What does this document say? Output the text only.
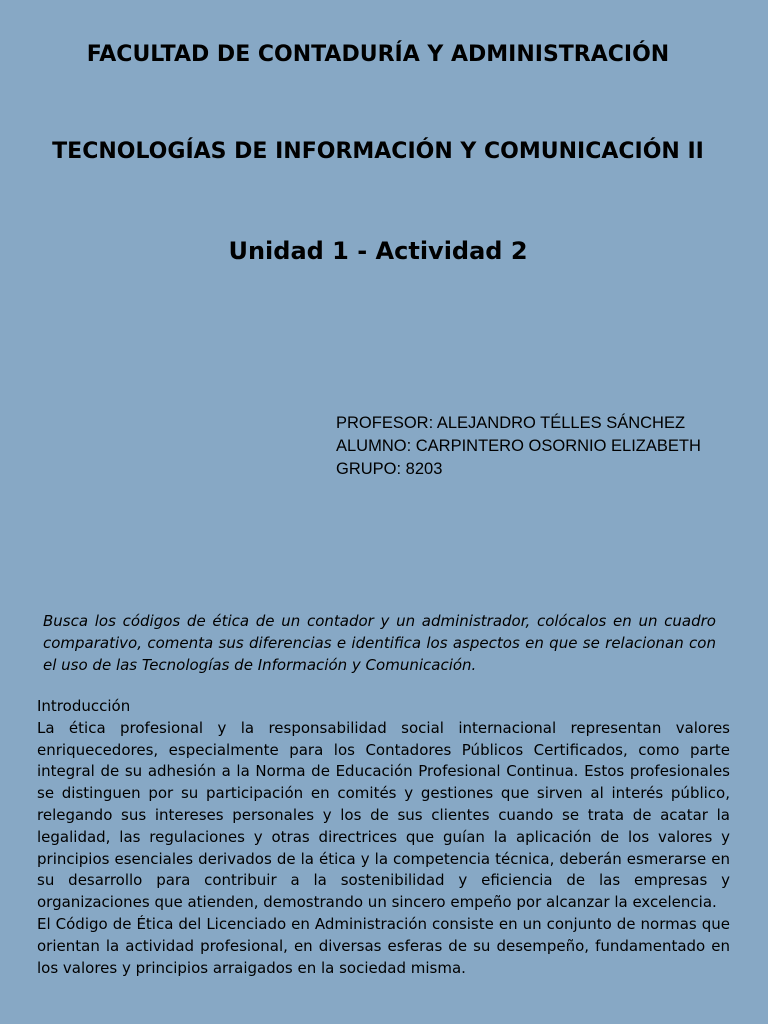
FACULTAD DE CONTADURÍA Y ADMINISTRACIÓN
TECNOLOGÍAS DE INFORMACIÓN Y COMUNICACIÓN II
Unidad 1 - Actividad 2
PROFESOR: ALEJANDRO TÉLLES SÁNCHEZ
ALUMNO: CARPINTERO OSORNIO ELIZABETH
GRUPO: 8203
Busca los códigos de ética de un contador y un administrador, colócalos en un cuadro comparativo, comenta sus diferencias e identifica los aspectos en que se relacionan con el uso de las Tecnologías de Información y Comunicación.

Introducción

La ética profesional y la responsabilidad social internacional representan valores enriquecedores, especialmente para los Contadores Públicos Certificados, como parte integral de su adhesión a la Norma de Educación Profesional Continua. Estos profesionales se distinguen por su participación en comités y gestiones que sirven al interés público, relegando sus intereses personales y los de sus clientes cuando se trata de acatar la legalidad, las regulaciones y otras directrices que guían la aplicación de los valores y principios esenciales derivados de la ética y la competencia técnica, deberán esmerarse en su desarrollo para contribuir a la sostenibilidad y eficiencia de las empresas y organizaciones que atienden, demostrando un sincero empeño por alcanzar la excelencia.

El Código de Ética del Licenciado en Administración consiste en un conjunto de normas que orientan la actividad profesional, en diversas esferas de su desempeño, fundamentado en los valores y principios arraigados en la sociedad misma.
